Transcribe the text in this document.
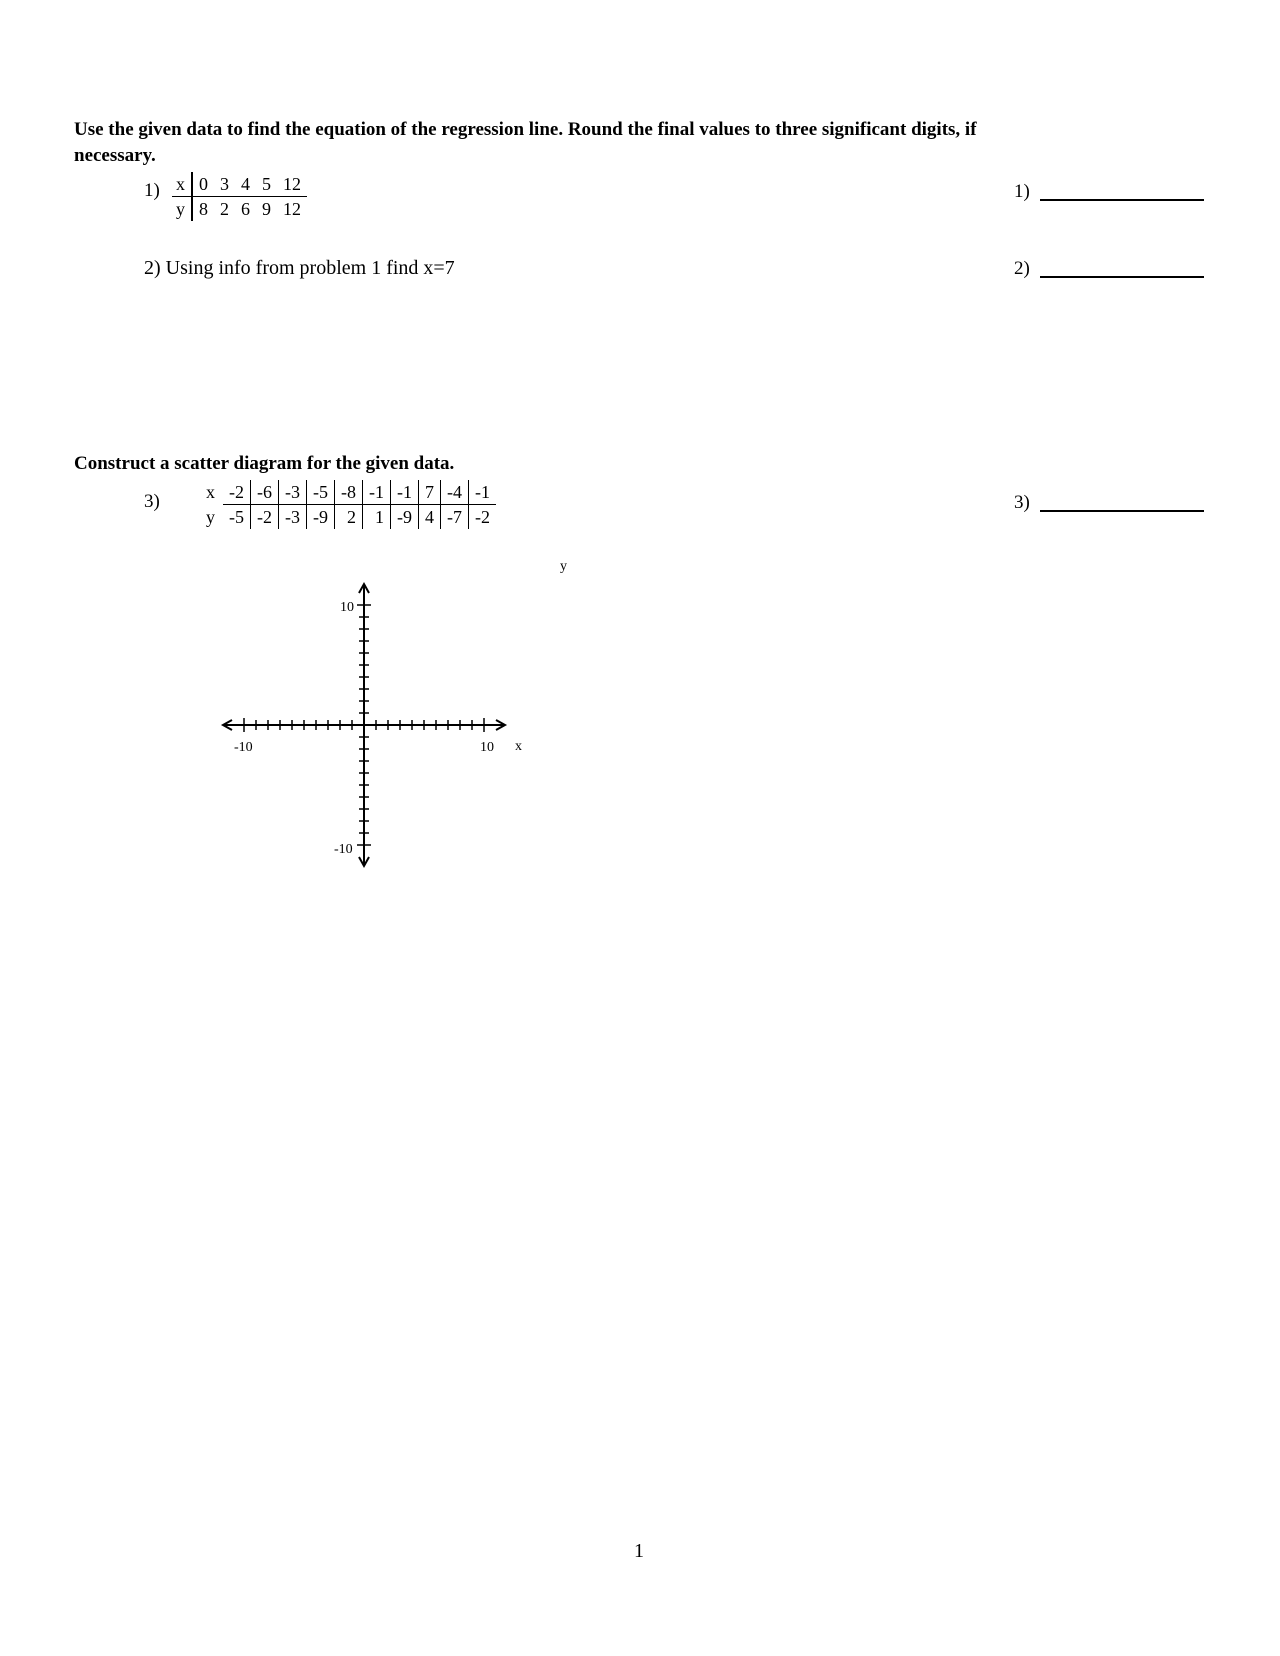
Use the given data to find the equation of the regression line. Round the final values to three significant digits, if
necessary.
1) x	0	3	4	5	12
y	8	2	6	9	12
1)
2) Using info from problem 1 find x=7	2)
Construct a scatter diagram for the given data.
3)	x	-2	-6	-3	-5	-8	-1	-1	7	-4	-1
y	-5	-2	-3	-9	2	1	-9	4	-7	-2
3)
y
x
-10	10
10
-10
1
